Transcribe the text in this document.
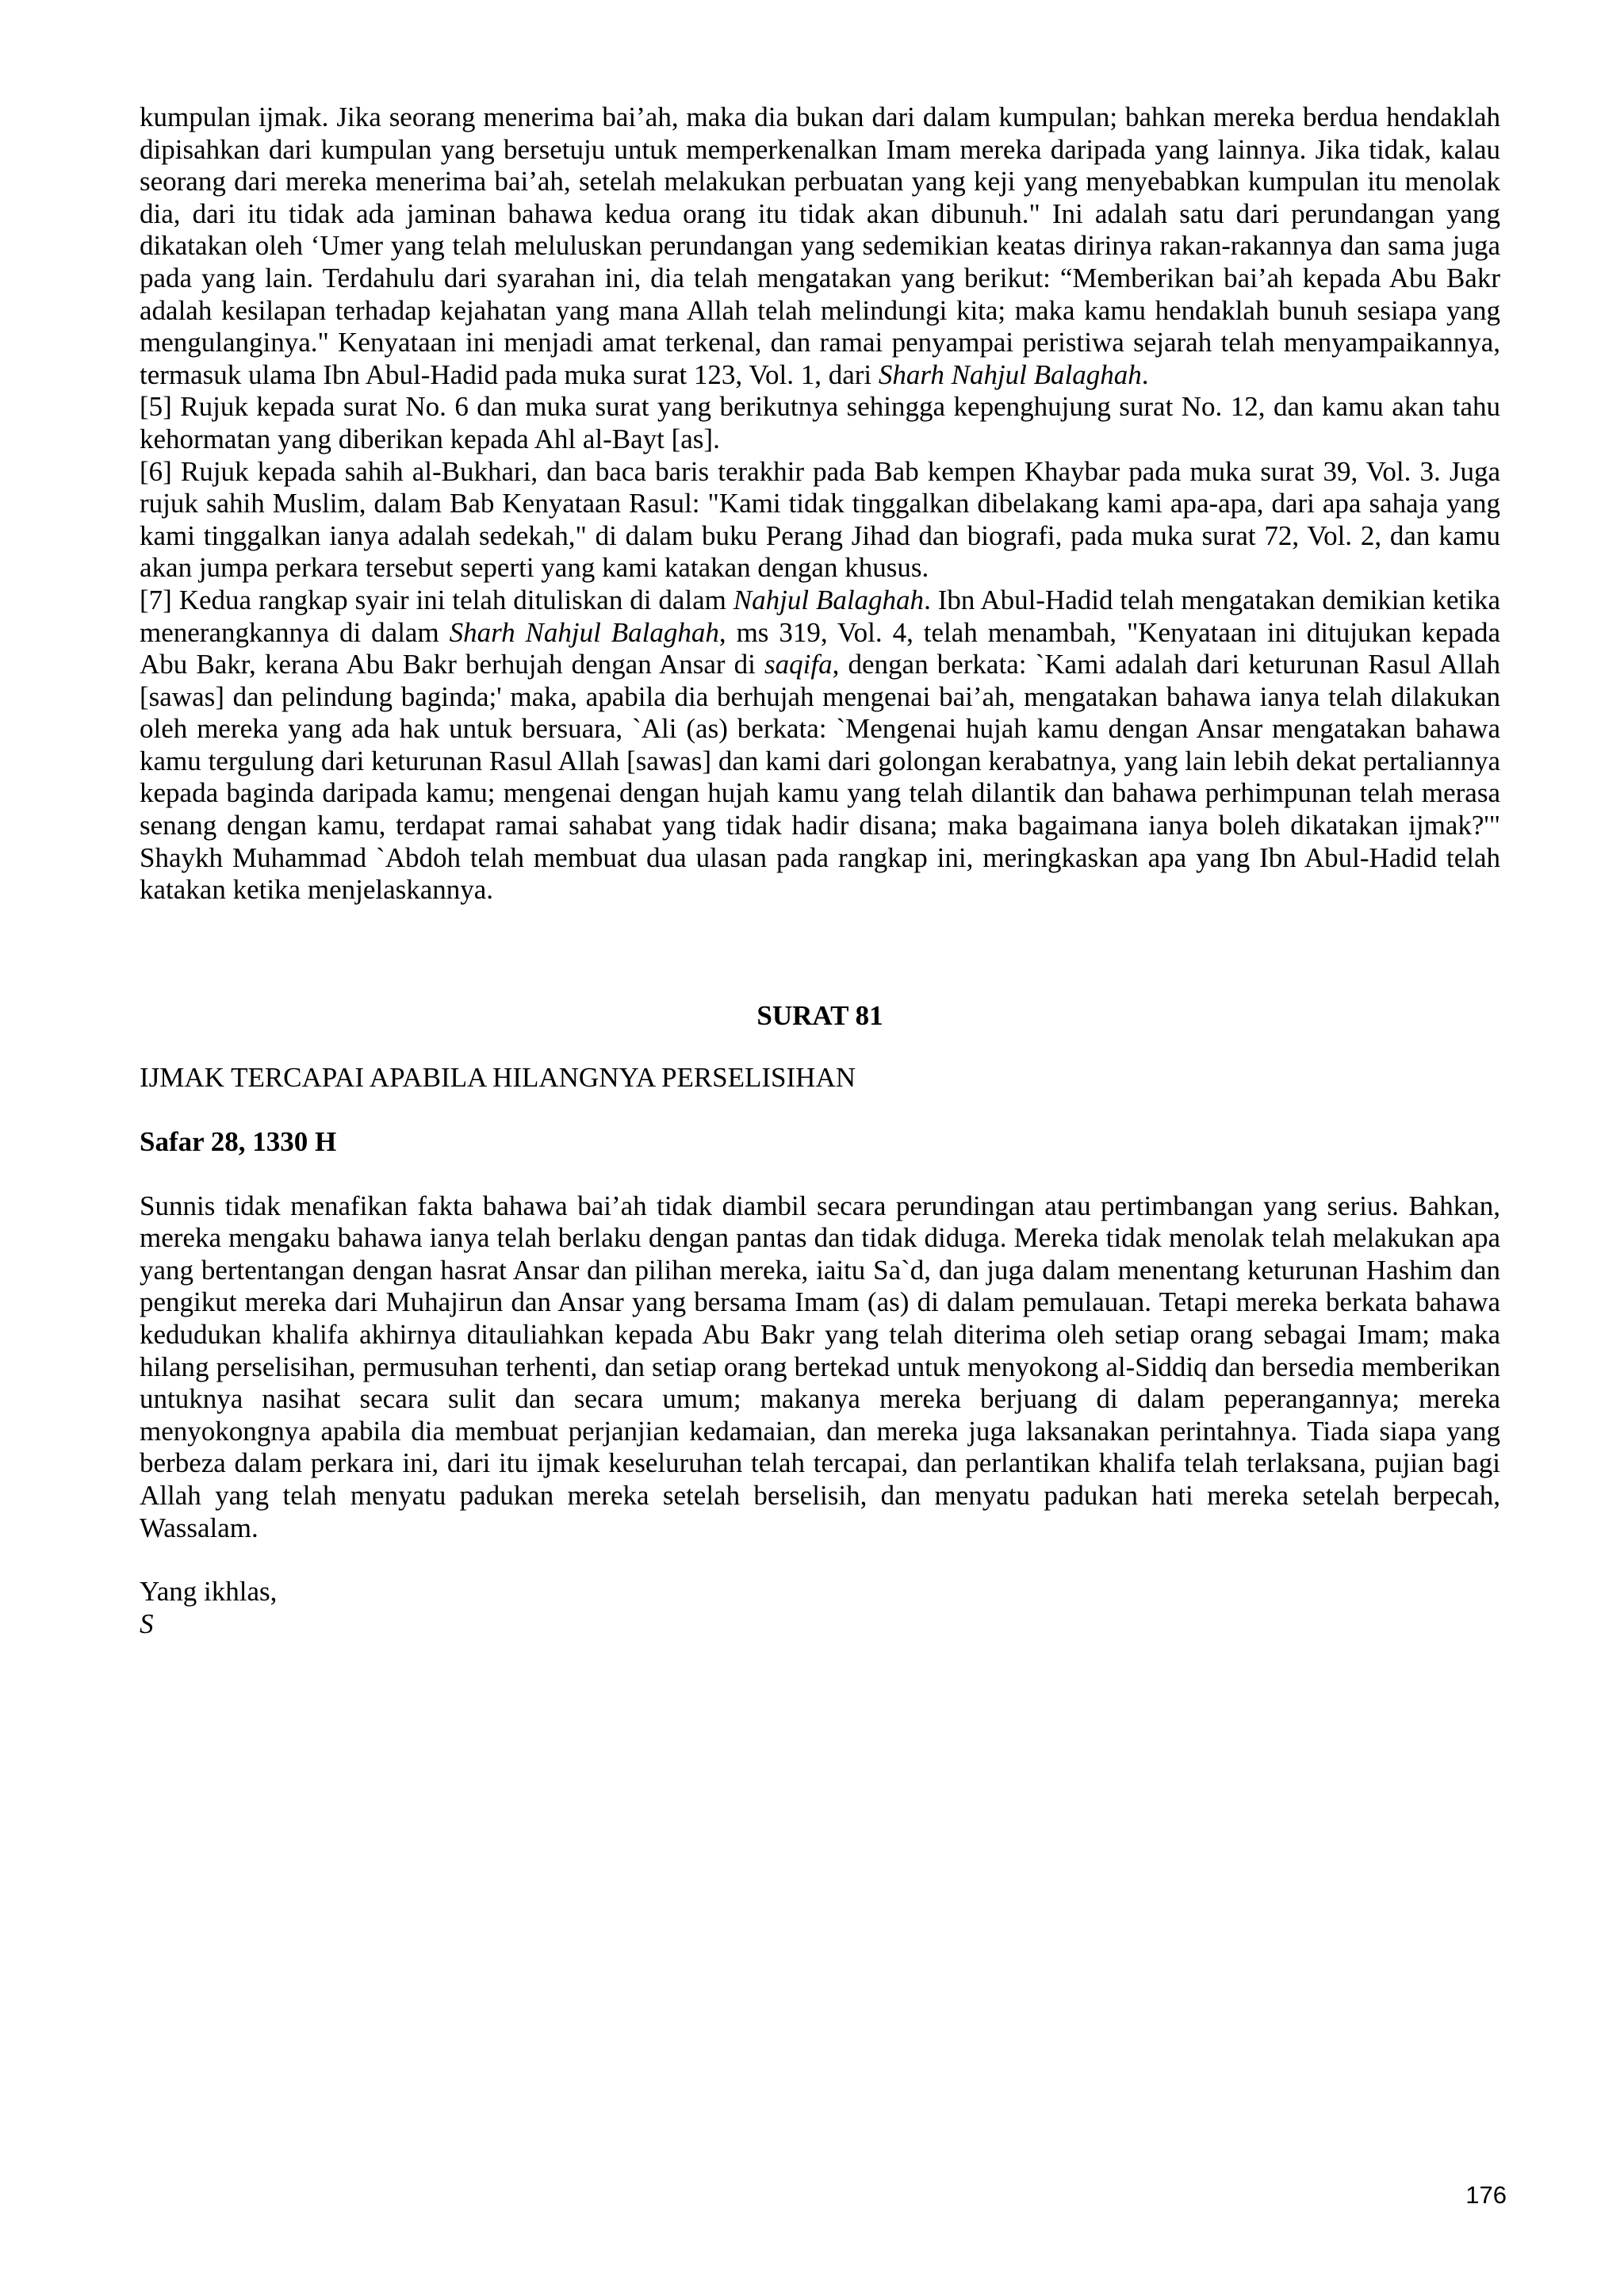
kumpulan ijmak. Jika seorang menerima bai’ah, maka dia bukan dari dalam kumpulan; bahkan mereka berdua hendaklah dipisahkan dari kumpulan yang bersetuju untuk memperkenalkan Imam mereka daripada yang lainnya. Jika tidak, kalau seorang dari mereka menerima bai’ah, setelah melakukan perbuatan yang keji yang menyebabkan kumpulan itu menolak dia, dari itu tidak ada jaminan bahawa kedua orang itu tidak akan dibunuh." Ini adalah satu dari perundangan yang dikatakan oleh ‘Umer yang telah meluluskan perundangan yang sedemikian keatas dirinya rakan-rakannya dan sama juga pada yang lain. Terdahulu dari syarahan ini, dia telah mengatakan yang berikut: “Memberikan bai’ah kepada Abu Bakr adalah kesilapan terhadap kejahatan yang mana Allah telah melindungi kita; maka kamu hendaklah bunuh sesiapa yang mengulanginya." Kenyataan ini menjadi amat terkenal, dan ramai penyampai peristiwa sejarah telah menyampaikannya, termasuk ulama Ibn Abul-Hadid pada muka surat 123, Vol. 1, dari Sharh Nahjul Balaghah.

[5] Rujuk kepada surat No. 6 dan muka surat yang berikutnya sehingga kepenghujung surat No. 12, dan kamu akan tahu kehormatan yang diberikan kepada Ahl al-Bayt [as].

[6] Rujuk kepada sahih al-Bukhari, dan baca baris terakhir pada Bab kempen Khaybar pada muka surat 39, Vol. 3. Juga rujuk sahih Muslim, dalam Bab Kenyataan Rasul: "Kami tidak tinggalkan dibelakang kami apa-apa, dari apa sahaja yang kami tinggalkan ianya adalah sedekah," di dalam buku Perang Jihad dan biografi, pada muka surat 72, Vol. 2, dan kamu akan jumpa perkara tersebut seperti yang kami katakan dengan khusus.

[7] Kedua rangkap syair ini telah dituliskan di dalam Nahjul Balaghah. Ibn Abul-Hadid telah mengatakan demikian ketika menerangkannya di dalam Sharh Nahjul Balaghah, ms 319, Vol. 4, telah menambah, "Kenyataan ini ditujukan kepada Abu Bakr, kerana Abu Bakr berhujah dengan Ansar di saqifa, dengan berkata: `Kami adalah dari keturunan Rasul Allah [sawas] dan pelindung baginda;' maka, apabila dia berhujah mengenai bai’ah, mengatakan bahawa ianya telah dilakukan oleh mereka yang ada hak untuk bersuara, `Ali (as) berkata: `Mengenai hujah kamu dengan Ansar mengatakan bahawa kamu tergulung dari keturunan Rasul Allah [sawas] dan kami dari golongan kerabatnya, yang lain lebih dekat pertaliannya kepada baginda daripada kamu; mengenai dengan hujah kamu yang telah dilantik dan bahawa perhimpunan telah merasa senang dengan kamu, terdapat ramai sahabat yang tidak hadir disana; maka bagaimana ianya boleh dikatakan ijmak?'" Shaykh Muhammad `Abdoh telah membuat dua ulasan pada rangkap ini, meringkaskan apa yang Ibn Abul-Hadid telah katakan ketika menjelaskannya.

SURAT 81

IJMAK TERCAPAI APABILA HILANGNYA PERSELISIHAN

Safar 28, 1330 H

Sunnis tidak menafikan fakta bahawa bai’ah tidak diambil secara perundingan atau pertimbangan yang serius. Bahkan, mereka mengaku bahawa ianya telah berlaku dengan pantas dan tidak diduga. Mereka tidak menolak telah melakukan apa yang bertentangan dengan hasrat Ansar dan pilihan mereka, iaitu Sa`d, dan juga dalam menentang keturunan Hashim dan pengikut mereka dari Muhajirun dan Ansar yang bersama Imam (as) di dalam pemulauan. Tetapi mereka berkata bahawa kedudukan khalifa akhirnya ditauliahkan kepada Abu Bakr yang telah diterima oleh setiap orang sebagai Imam; maka hilang perselisihan, permusuhan terhenti, dan setiap orang bertekad untuk menyokong al-Siddiq dan bersedia memberikan untuknya nasihat secara sulit dan secara umum; makanya mereka berjuang di dalam peperangannya; mereka menyokongnya apabila dia membuat perjanjian kedamaian, dan mereka juga laksanakan perintahnya. Tiada siapa yang berbeza dalam perkara ini, dari itu ijmak keseluruhan telah tercapai, dan perlantikan khalifa telah terlaksana, pujian bagi Allah yang telah menyatu padukan mereka setelah berselisih, dan menyatu padukan hati mereka setelah berpecah, Wassalam.

Yang ikhlas,

S

176
